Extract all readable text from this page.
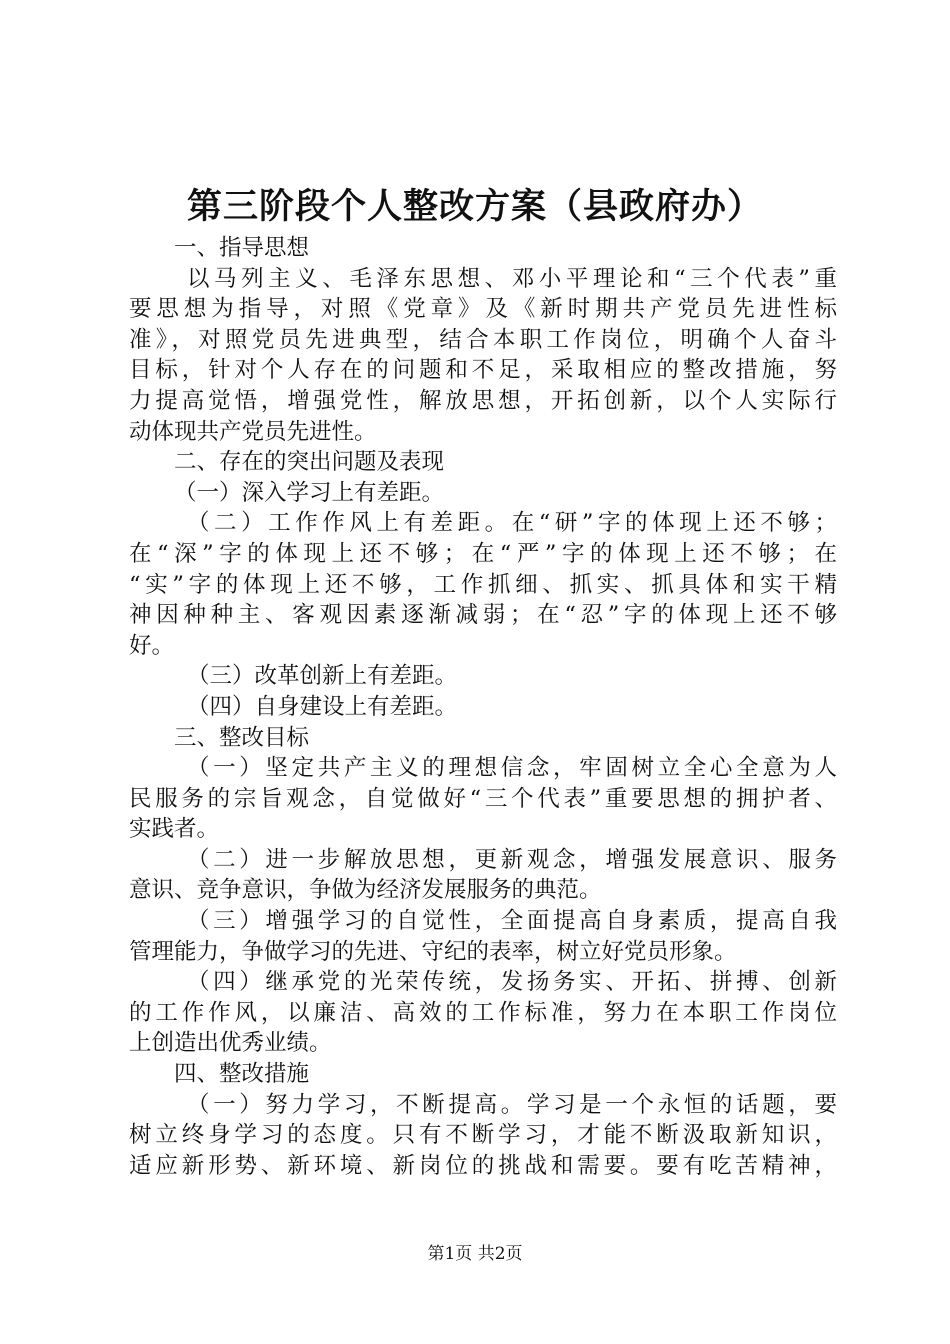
第三阶段个人整改方案（县政府办）
一、指导思想
以马列主义、毛泽东思想、邓小平理论和“三个代表”重
要思想为指导，对照《党章》及《新时期共产党员先进性标
准》，对照党员先进典型，结合本职工作岗位，明确个人奋斗
目标，针对个人存在的问题和不足，采取相应的整改措施，努
力提高觉悟，增强党性，解放思想，开拓创新，以个人实际行
动体现共产党员先进性。
二、存在的突出问题及表现
（一）深入学习上有差距。
（二）工作作风上有差距。在“研”字的体现上还不够；
在“深”字的体现上还不够；在“严”字的体现上还不够；在
“实”字的体现上还不够，工作抓细、抓实、抓具体和实干精
神因种种主、客观因素逐渐减弱；在“忍”字的体现上还不够
好。
（三）改革创新上有差距。
（四）自身建设上有差距。
三、整改目标
（一）坚定共产主义的理想信念，牢固树立全心全意为人
民服务的宗旨观念，自觉做好“三个代表”重要思想的拥护者、
实践者。
（二）进一步解放思想，更新观念，增强发展意识、服务
意识、竞争意识，争做为经济发展服务的典范。
（三）增强学习的自觉性，全面提高自身素质，提高自我
管理能力，争做学习的先进、守纪的表率，树立好党员形象。
（四）继承党的光荣传统，发扬务实、开拓、拼搏、创新
的工作作风，以廉洁、高效的工作标准，努力在本职工作岗位
上创造出优秀业绩。
四、整改措施
（一）努力学习，不断提高。学习是一个永恒的话题，要
树立终身学习的态度。只有不断学习，才能不断汲取新知识，
适应新形势、新环境、新岗位的挑战和需要。要有吃苦精神，
第1页 共2页
